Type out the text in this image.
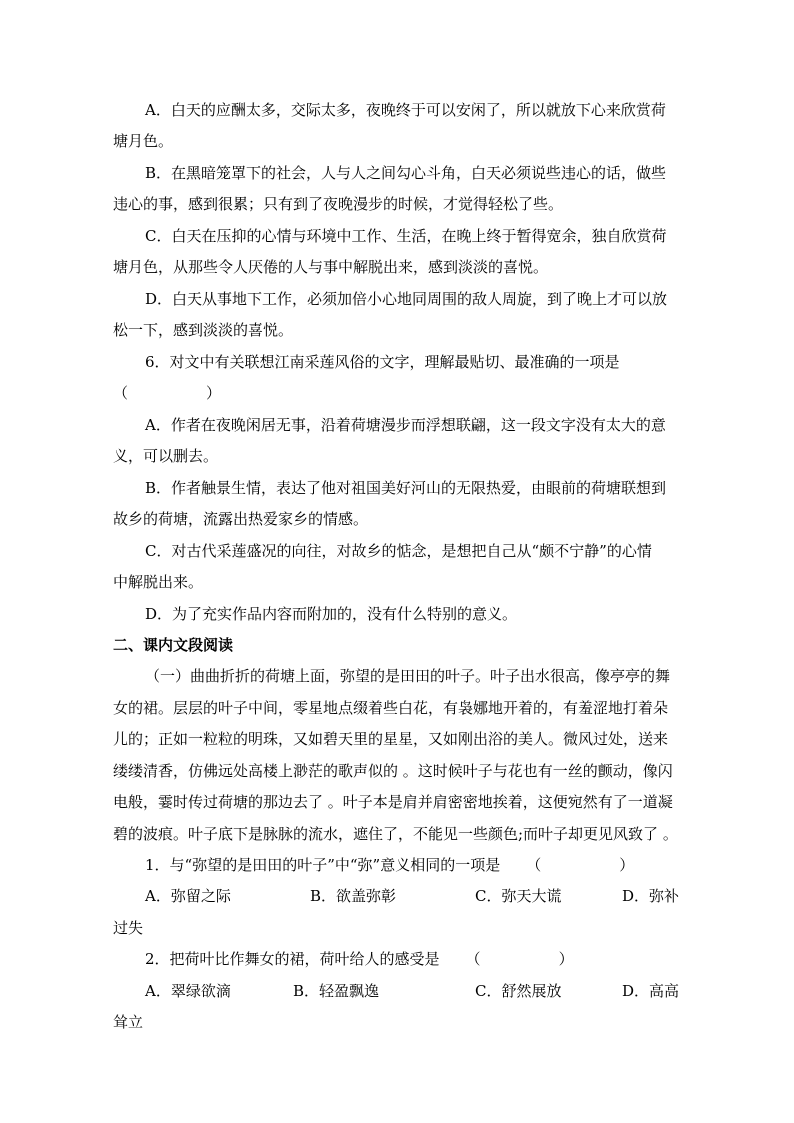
A．白天的应酬太多，交际太多，夜晚终于可以安闲了，所以就放下心来欣赏荷
塘月色。
B．在黑暗笼罩下的社会，人与人之间勾心斗角，白天必须说些违心的话，做些
违心的事，感到很累；只有到了夜晚漫步的时候，才觉得轻松了些。
C．白天在压抑的心情与环境中工作、生活，在晚上终于暂得宽余，独自欣赏荷
塘月色，从那些令人厌倦的人与事中解脱出来，感到淡淡的喜悦。
D．白天从事地下工作，必须加倍小心地同周围的敌人周旋，到了晚上才可以放
松一下，感到淡淡的喜悦。
6．对文中有关联想江南采莲风俗的文字，理解最贴切、最准确的一项是
（	）
A．作者在夜晚闲居无事，沿着荷塘漫步而浮想联翩，这一段文字没有太大的意
义，可以删去。
B．作者触景生情，表达了他对祖国美好河山的无限热爱，由眼前的荷塘联想到
故乡的荷塘，流露出热爱家乡的情感。
C．对古代采莲盛况的向往，对故乡的惦念，是想把自己从“颇不宁静”的心情
中解脱出来。
D．为了充实作品内容而附加的，没有什么特别的意义。
二、课内文段阅读
（一）曲曲折折的荷塘上面，弥望的是田田的叶子。叶子出水很高，像亭亭的舞
女的裙。层层的叶子中间，零星地点缀着些白花，有袅娜地开着的，有羞涩地打着朵
儿的；正如一粒粒的明珠，又如碧天里的星星，又如刚出浴的美人。微风过处，送来
缕缕清香，仿佛远处高楼上渺茫的歌声似的 。这时候叶子与花也有一丝的颤动，像闪
电般，霎时传过荷塘的那边去了 。叶子本是肩并肩密密地挨着，这便宛然有了一道凝
碧的波痕。叶子底下是脉脉的流水，遮住了，不能见一些颜色;而叶子却更见风致了 。
1．与“弥望的是田田的叶子”中“弥”意义相同的一项是 （	）
A．弥留之际	B．欲盖弥彰	C．弥天大谎	D．弥补
过失
2．把荷叶比作舞女的裙，荷叶给人的感受是 （	）
A．翠绿欲滴	B．轻盈飘逸	C．舒然展放	D．高高
耸立
